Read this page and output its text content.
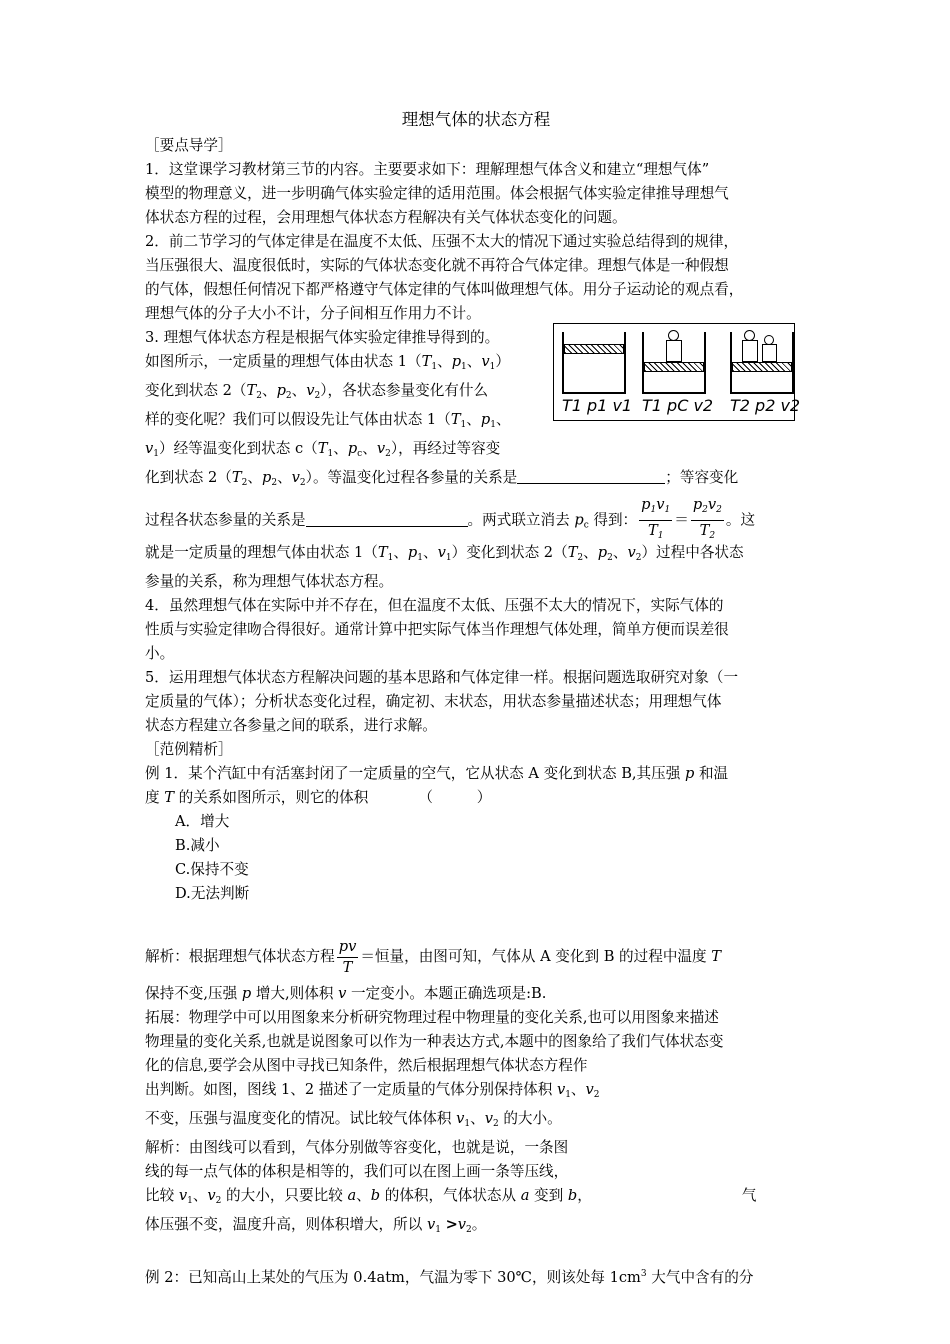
理想气体的状态方程
［要点导学］
1．这堂课学习教材第三节的内容。主要要求如下：理解理想气体含义和建立“理想气体”
模型的物理意义，进一步明确气体实验定律的适用范围。体会根据气体实验定律推导理想气
体状态方程的过程，会用理想气体状态方程解决有关气体状态变化的问题。
2．前二节学习的气体定律是在温度不太低、压强不太大的情况下通过实验总结得到的规律，
当压强很大、温度很低时，实际的气体状态变化就不再符合气体定律。理想气体是一种假想
的气体，假想任何情况下都严格遵守气体定律的气体叫做理想气体。用分子运动论的观点看，
理想气体的分子大小不计，分子间相互作用力不计。
3. 理想气体状态方程是根据气体实验定律推导得到的。
如图所示，一定质量的理想气体由状态 $1(T_1$、$p_1$、$v_1$）
变化到状态 $2(T_2$、$p_2$、$v_2$），各状态参量变化有什么
样的变化呢？我们可以假设先让气体由状态 $1(T_1$、$p_1$、
$v_1$）经等温变化到状态 $c(T_1$、$p_c$、$v_2$），再经过等容变
化到状态 $2(T_2$、$p_2$、$v_2$）。等温变化过程各参量的关系是	；等容变化
过程各状态参量的关系是	。两式联立消去 $p_c$ 得到： $\frac{p_1v_1}{T_1} = \frac{p_2v_2}{T_2}$ 。这
就是一定质量的理想气体由状态 $1(T_1$、$p_1$、$v_1$）变化到状态 $2(T_2$、$p_2$、$v_2$）过程中各状态
参量的关系，称为理想气体状态方程。
4．虽然理想气体在实际中并不存在，但在温度不太低、压强不太大的情况下，实际气体的
性质与实验定律吻合得很好。通常计算中把实际气体当作理想气体处理，简单方便而误差很
小。
5．运用理想气体状态方程解决问题的基本思路和气体定律一样。根据问题选取研究对象（一
定质量的气体）；分析状态变化过程，确定初、末状态，用状态参量描述状态；用理想气体
状态方程建立各参量之间的联系，进行求解。
［范例精析］
例 1．某个汽缸中有活塞封闭了一定质量的空气，它从状态 A 变化到状态 B,其压强 p 和温
度 T 的关系如图所示，则它的体积	（　　　）
A．增大
B.减小
C.保持不变
D.无法判断
解析：根据理想气体状态方程 $\frac{pv}{T}$ ＝恒量，由图可知，气体从 A 变化到 B 的过程中温度 T
保持不变,压强 p 增大,则体积 v 一定变小。本题正确选项是:B.
拓展：物理学中可以用图象来分析研究物理过程中物理量的变化关系,也可以用图象来描述
物理量的变化关系,也就是说图象可以作为一种表达方式,本题中的图象给了我们气体状态变
化的信息,要学会从图中寻找已知条件，然后根据理想气体状态方程作
出判断。如图，图线 1、2 描述了一定质量的气体分别保持体积 $v_1$、$v_2$
不变，压强与温度变化的情况。试比较气体体积 $v_1$、$v_2$ 的大小。
解析：由图线可以看到，气体分别做等容变化，也就是说，一条图
线的每一点气体的体积是相等的，我们可以在图上画一条等压线，
比较 $v_1$、$v_2$ 的大小，只要比较 a、b 的体积，气体状态从 a 变到 b，	气
体压强不变，温度升高，则体积增大，所以 $v_1 >v_2$。
例 2：已知高山上某处的气压为 0.4atm，气温为零下 30℃，则该处每 $1cm^3$ 大气中含有的分
T1 p1 v1 T1 pC v2 T2 p2 v2
